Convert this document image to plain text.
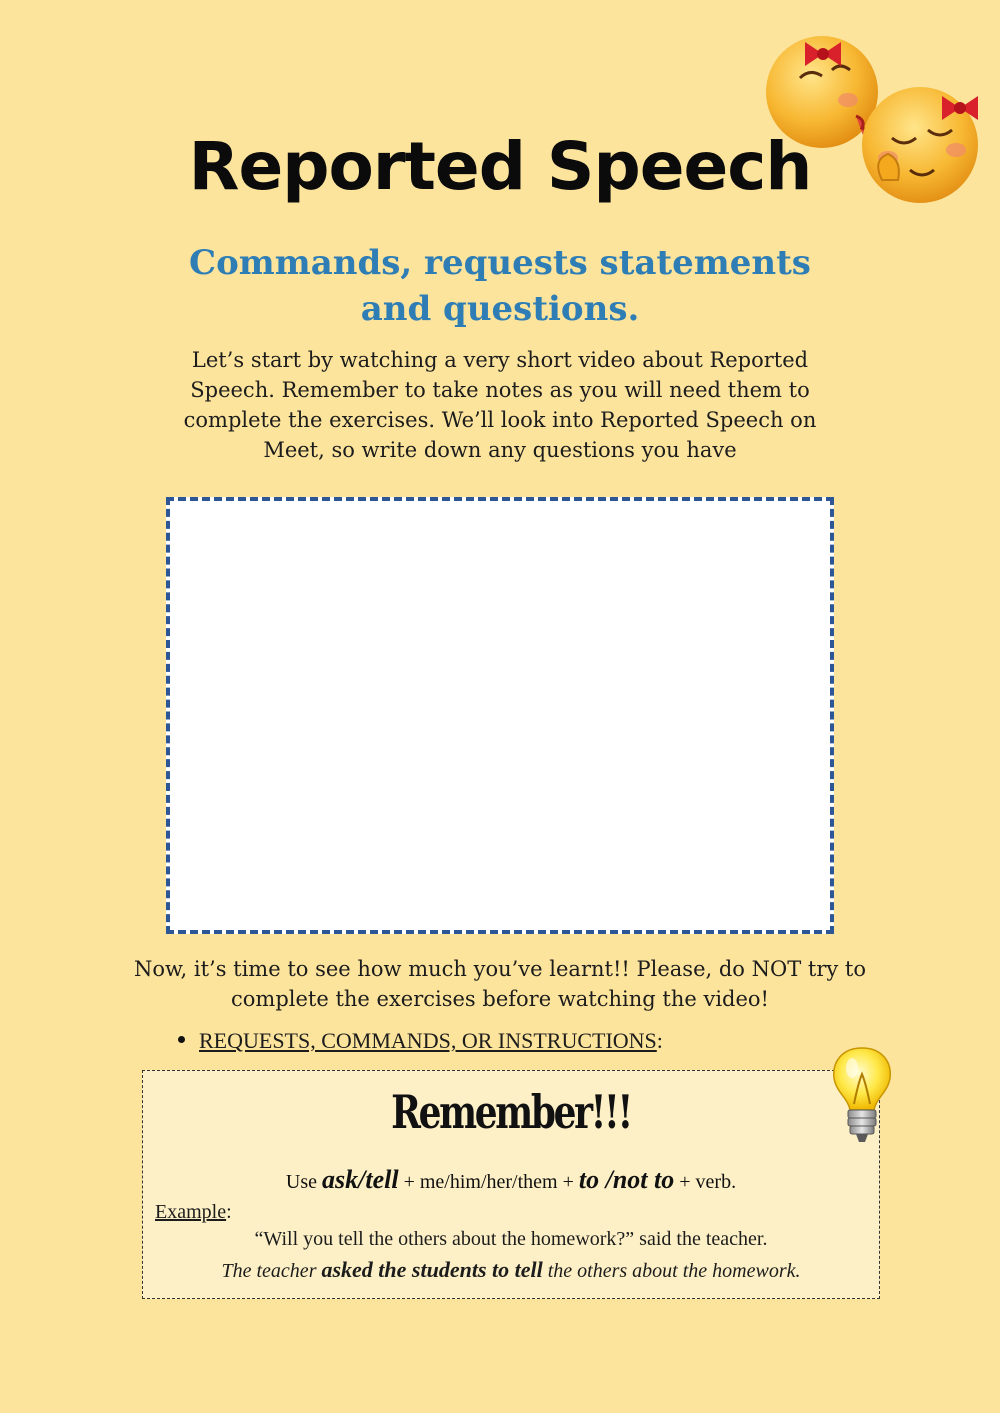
Reported Speech
Commands, requests statements and questions.

Let’s start by watching a very short video about Reported Speech. Remember to take notes as you will need them to complete the exercises. We’ll look into Reported Speech on Meet, so write down any questions you have

Now, it’s time to see how much you’ve learnt!! Please, do NOT try to complete the exercises before watching the video!

REQUESTS, COMMANDS, OR INSTRUCTIONS:
Remember!!!
Use ask/tell + me/him/her/them + to /not to + verb.
Example:
“Will you tell the others about the homework?” said the teacher.
The teacher asked the students to tell the others about the homework.
